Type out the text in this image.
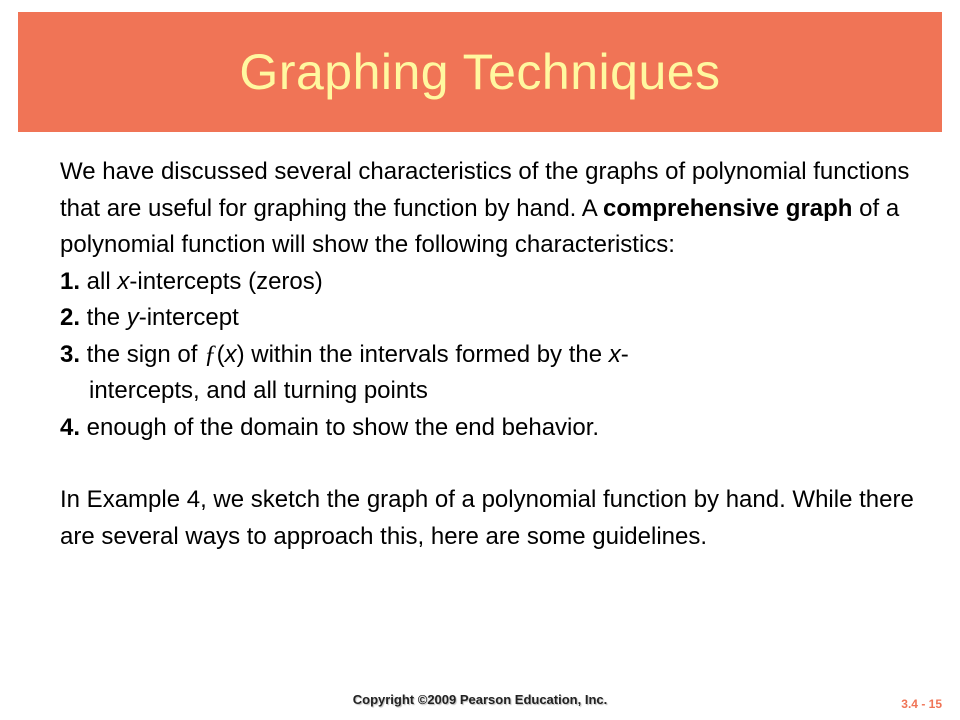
Graphing Techniques

We have discussed several characteristics of the graphs of polynomial functions that are useful for graphing the function by hand. A comprehensive graph of a polynomial function will show the following characteristics:

1. all x-intercepts (zeros)

2. the y-intercept

3. the sign of ƒ(x) within the intervals formed by the x-

intercepts, and all turning points

4. enough of the domain to show the end behavior.

In Example 4, we sketch the graph of a polynomial function by hand. While there are several ways to approach this, here are some guidelines.

Copyright ©2009 Pearson Education, Inc.	3.4 - 15
